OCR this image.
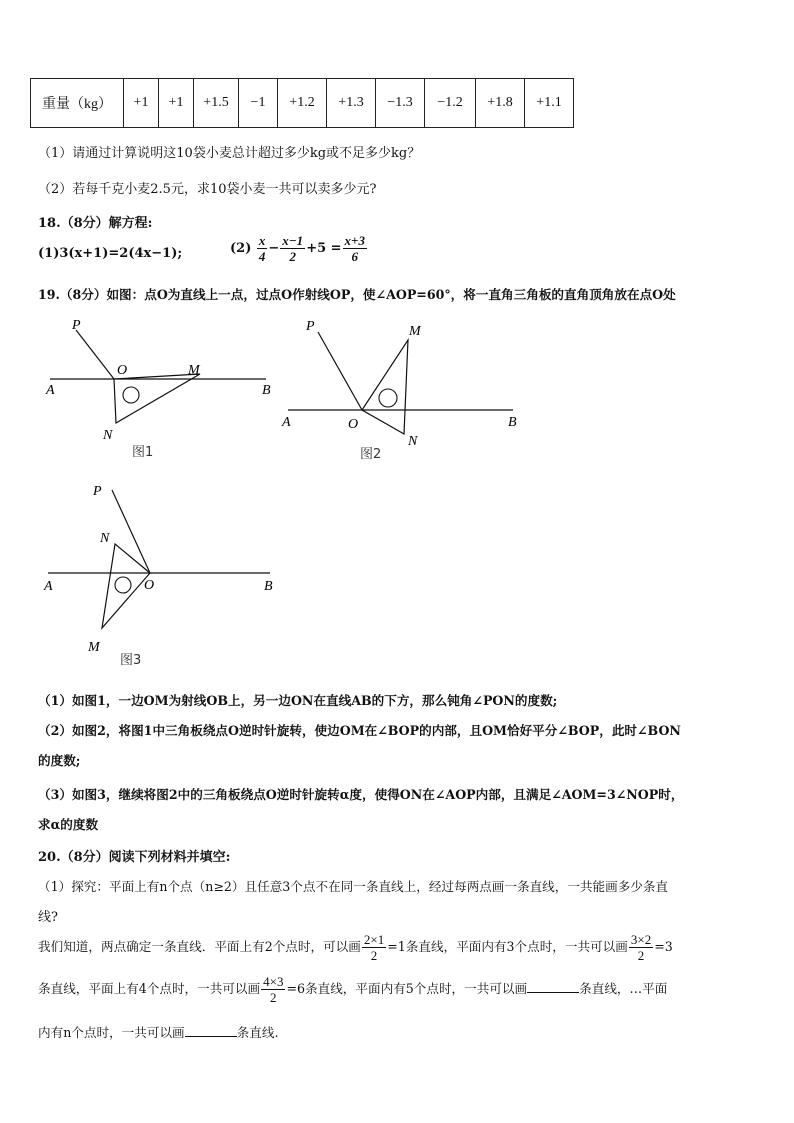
重量（kg）	+1	+1	+1.5	−1	+1.2	+1.3	−1.3	−1.2	+1.8	+1.1
（1）请通过计算说明这10袋小麦总计超过多少kg或不足多少kg？
（2）若每千克小麦2.5元，求10袋小麦一共可以卖多少元?
18.（8分）解方程:
(1)3(x+1)=2(4x−1);	$(2) \frac{x}{4} - \frac{x-1}{2} +5 = \frac{x+3}{6}$
19.（8分）如图：点O为直线上一点，过点O作射线OP，使∠AOP=60°，将一直角三角板的直角顶角放在点O处
P
O	M
A	B
N
图1
P	M
A	O
N
B
图2
P
N
A	O	B
M
图3
（1）如图1，一边OM为射线OB上，另一边ON在直线AB的下方，那么钝角∠PON的度数;
（2）如图2，将图1中三角板绕点O逆时针旋转，使边OM在∠BOP的内部，且OM恰好平分∠BOP，此时∠BON
的度数;
（3）如图3，继续将图2中的三角板绕点O逆时针旋转α度，使得ON在∠AOP内部，且满足∠AOM=3∠NOP时，
求α的度数
20.（8分）阅读下列材料并填空:
（1）探究：平面上有n个点（n≥2）且任意3个点不在同一条直线上，经过每两点画一条直线，一共能画多少条直
线?
我们知道，两点确定一条直线．平面上有2个点时，可以画 $\frac{2\times 1}{2} =1$条直线，平面内有3个点时，一共可以画 $\frac{3\times 2}{2} =3$
条直线，平面上有4个点时，一共可以画 $\frac{4\times 3}{2} =6$条直线，平面内有5个点时，一共可以画	条直线，…平面
内有n个点时，一共可以画	条直线.
